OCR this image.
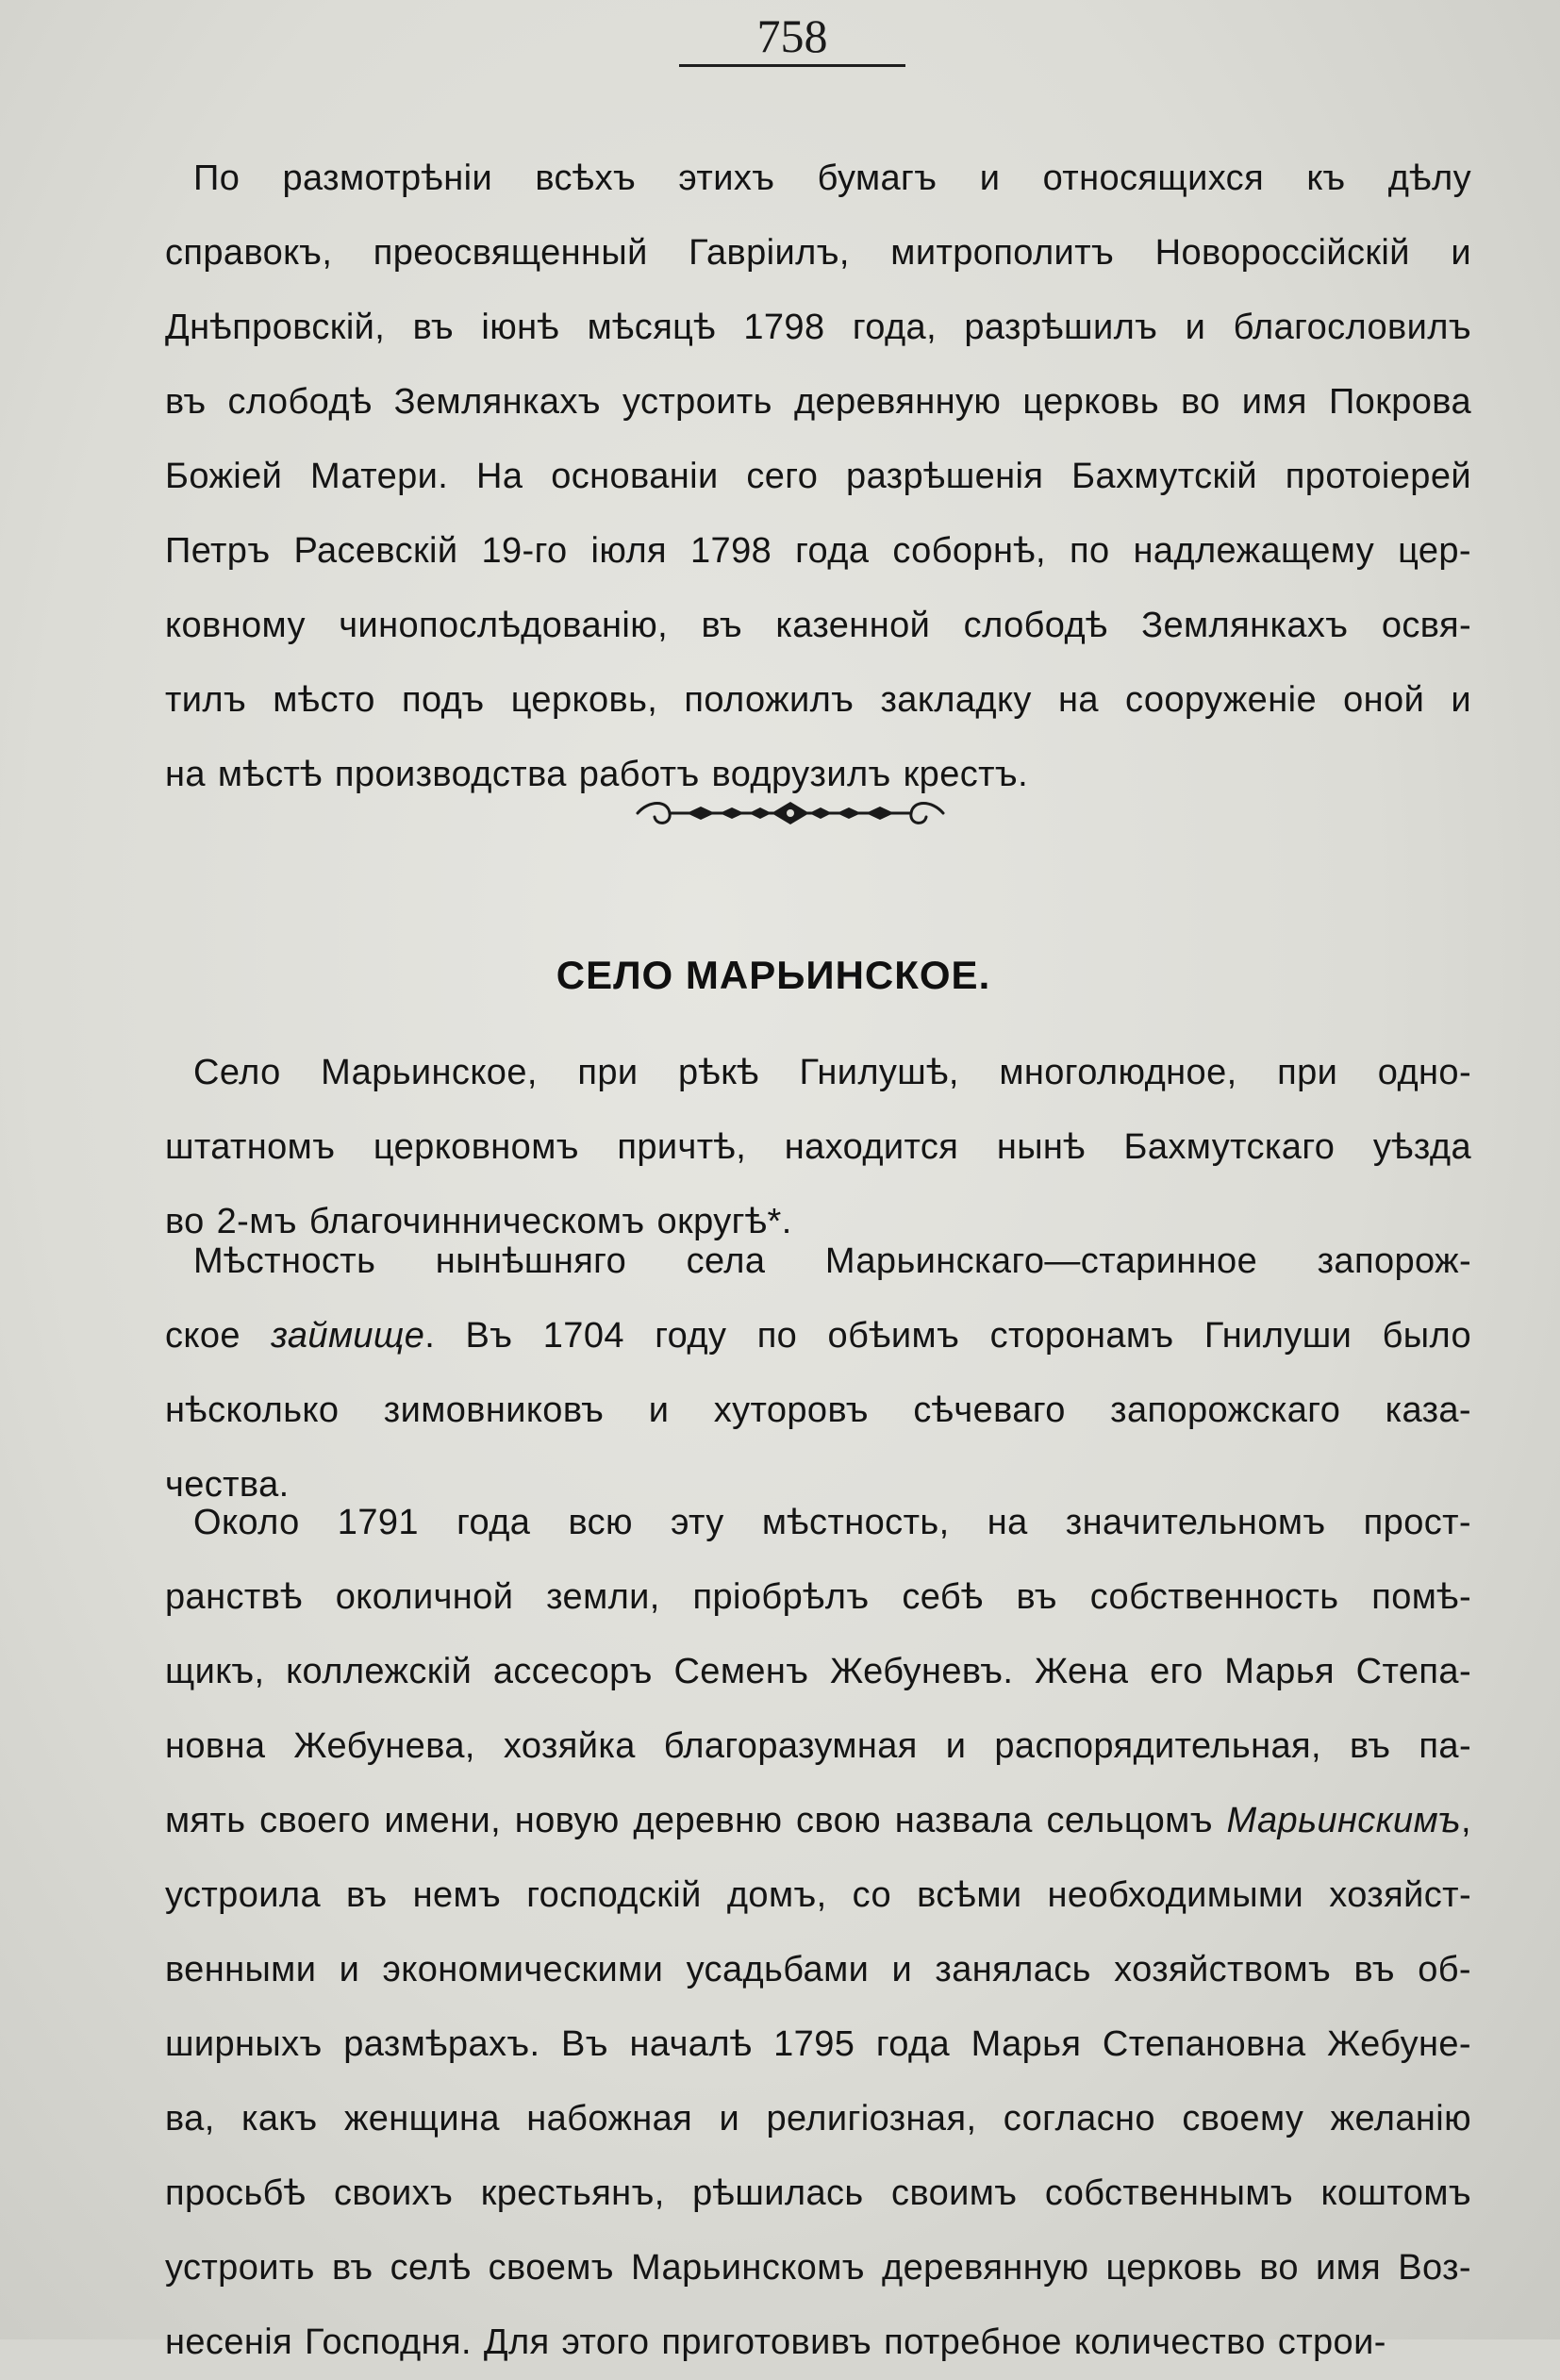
758
По размотрѣніи всѣхъ этихъ бумагъ и относящихся къ дѣлу
справокъ, преосвященный Гавріилъ, митрополитъ Новороссійскій и
Днѣпровскій, въ іюнѣ мѣсяцѣ 1798 года, разрѣшилъ и благословилъ
въ слободѣ Землянкахъ устроить деревянную церковь во имя Покрова
Божіей Матери. На основаніи сего разрѣшенія Бахмутскій протоіерей
Петръ Расевскій 19-го іюля 1798 года соборнѣ, по надлежащему цер-
ковному чинопослѣдованію, въ казенной слободѣ Землянкахъ освя-
тилъ мѣсто подъ церковь, положилъ закладку на сооруженіе оной и
на мѣстѣ производства работъ водрузилъ крестъ.
СЕЛО МАРЬИНСКОЕ.
Село Марьинское, при рѣкѣ Гнилушѣ, многолюдное, при одно-
штатномъ церковномъ причтѣ, находится нынѣ Бахмутскаго уѣзда
во 2-мъ благочинническомъ округѣ*.
Мѣстность нынѣшняго села Марьинскаго—старинное запорож-
ское займище. Въ 1704 году по обѣимъ сторонамъ Гнилуши было
нѣсколько зимовниковъ и хуторовъ сѣчеваго запорожскаго каза-
чества.
Около 1791 года всю эту мѣстность, на значительномъ прост-
ранствѣ околичной земли, пріобрѣлъ себѣ въ собственность помѣ-
щикъ, коллежскій ассесоръ Семенъ Жебуневъ. Жена его Марья Степа-
новна Жебунева, хозяйка благоразумная и распорядительная, въ па-
мять своего имени, новую деревню свою назвала сельцомъ Марьинскимъ,
устроила въ немъ господскій домъ, со всѣми необходимыми хозяйст-
венными и экономическими усадьбами и занялась хозяйствомъ въ об-
ширныхъ размѣрахъ. Въ началѣ 1795 года Марья Степановна Жебуне-
ва, какъ женщина набожная и религіозная, согласно своему желанію
просьбѣ своихъ крестьянъ, рѣшилась своимъ собственнымъ коштомъ
устроить въ селѣ своемъ Марьинскомъ деревянную церковь во имя Воз-
несенія Господня. Для этого приготовивъ потребное количество строи-
